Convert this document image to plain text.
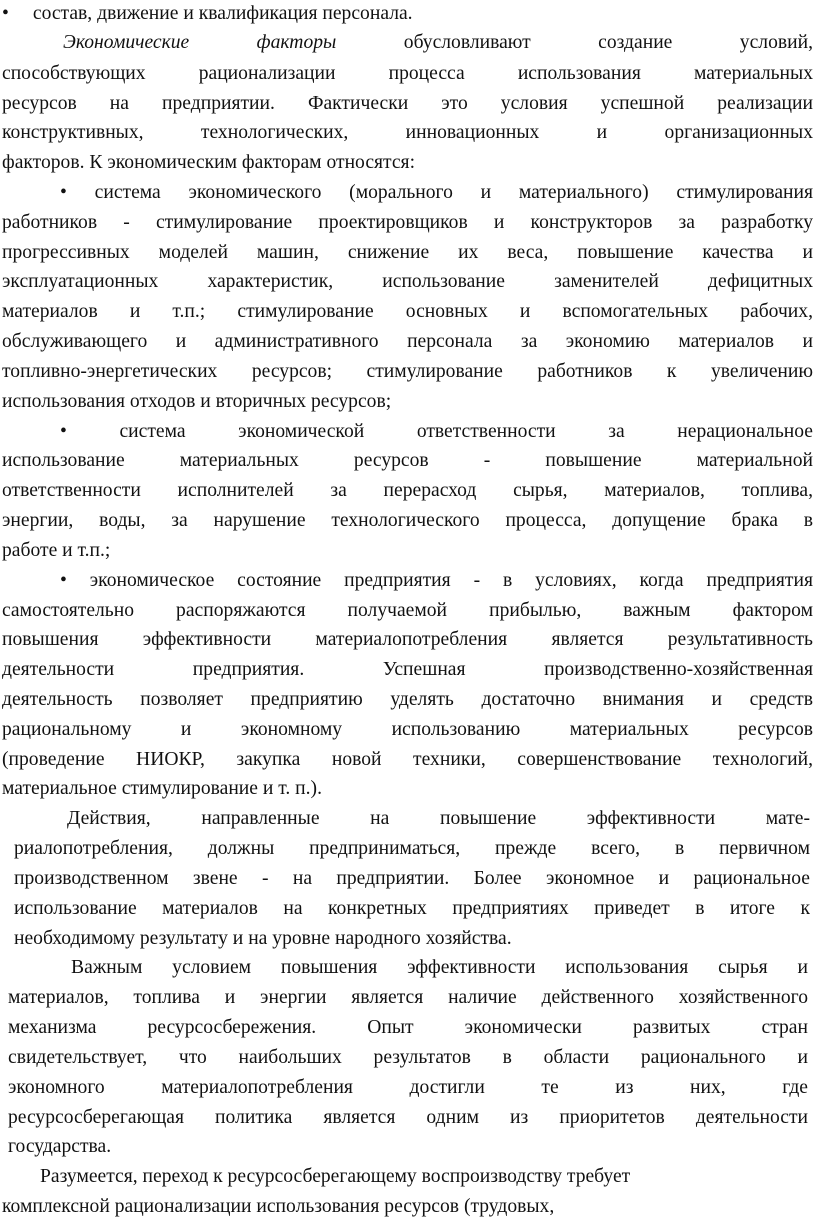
• состав, движение и квалификация персонала.
Экономические факторы	обусловливают создание условий,
способствующих рационализации процесса использования материальных
ресурсов на предприятии. Фактически это условия успешной реализации
конструктивных, технологических, инновационных и организационных
факторов. К экономическим факторам относятся:
• система экономического (морального и материального) стимулирования
работников - стимулирование проектировщиков и конструкторов за разработку
прогрессивных моделей машин, снижение их веса, повышение качества и
эксплуатационных характеристик, использование заменителей дефицитных
материалов и т.п.; стимулирование основных и вспомогательных рабочих,
обслуживающего и административного персонала за экономию материалов и
топливно-энергетических ресурсов; стимулирование работников к увеличению
использования отходов и вторичных ресурсов;
•	система экономической ответственности за нерациональное
использование материальных ресурсов - повышение материальной
ответственности исполнителей за перерасход сырья, материалов, топлива,
энергии, воды, за нарушение технологического процесса, допущение брака в
работе и т.п.;
• экономическое состояние предприятия - в условиях, когда предприятия
самостоятельно распоряжаются получаемой прибылью, важным фактором
повышения эффективности материалопотребления является результативность
деятельности предприятия. Успешная производственно-хозяйственная
деятельность позволяет предприятию уделять достаточно внимания и средств
рациональному и экономному использованию материальных ресурсов
(проведение НИОКР, закупка новой техники, совершенствование технологий,
материальное стимулирование и т. п.).
Действия, направленные на повышение эффективности мате-
риалопотребления, должны предприниматься, прежде всего, в первичном
производственном звене - на предприятии. Более экономное и рациональное
использование материалов на конкретных предприятиях приведет в итоге к
необходимому результату и на уровне народного хозяйства.
Важным условием повышения эффективности использования сырья и
материалов, топлива и энергии является наличие действенного хозяйственного
механизма ресурсосбережения. Опыт экономически развитых стран
свидетельствует, что наибольших результатов в области рационального и
экономного материалопотребления достигли те из них, где
ресурсосберегающая политика является одним из приоритетов деятельности
государства.
Разумеется, переход к ресурсосберегающему воспроизводству требует
комплексной рационализации использования ресурсов (трудовых,
